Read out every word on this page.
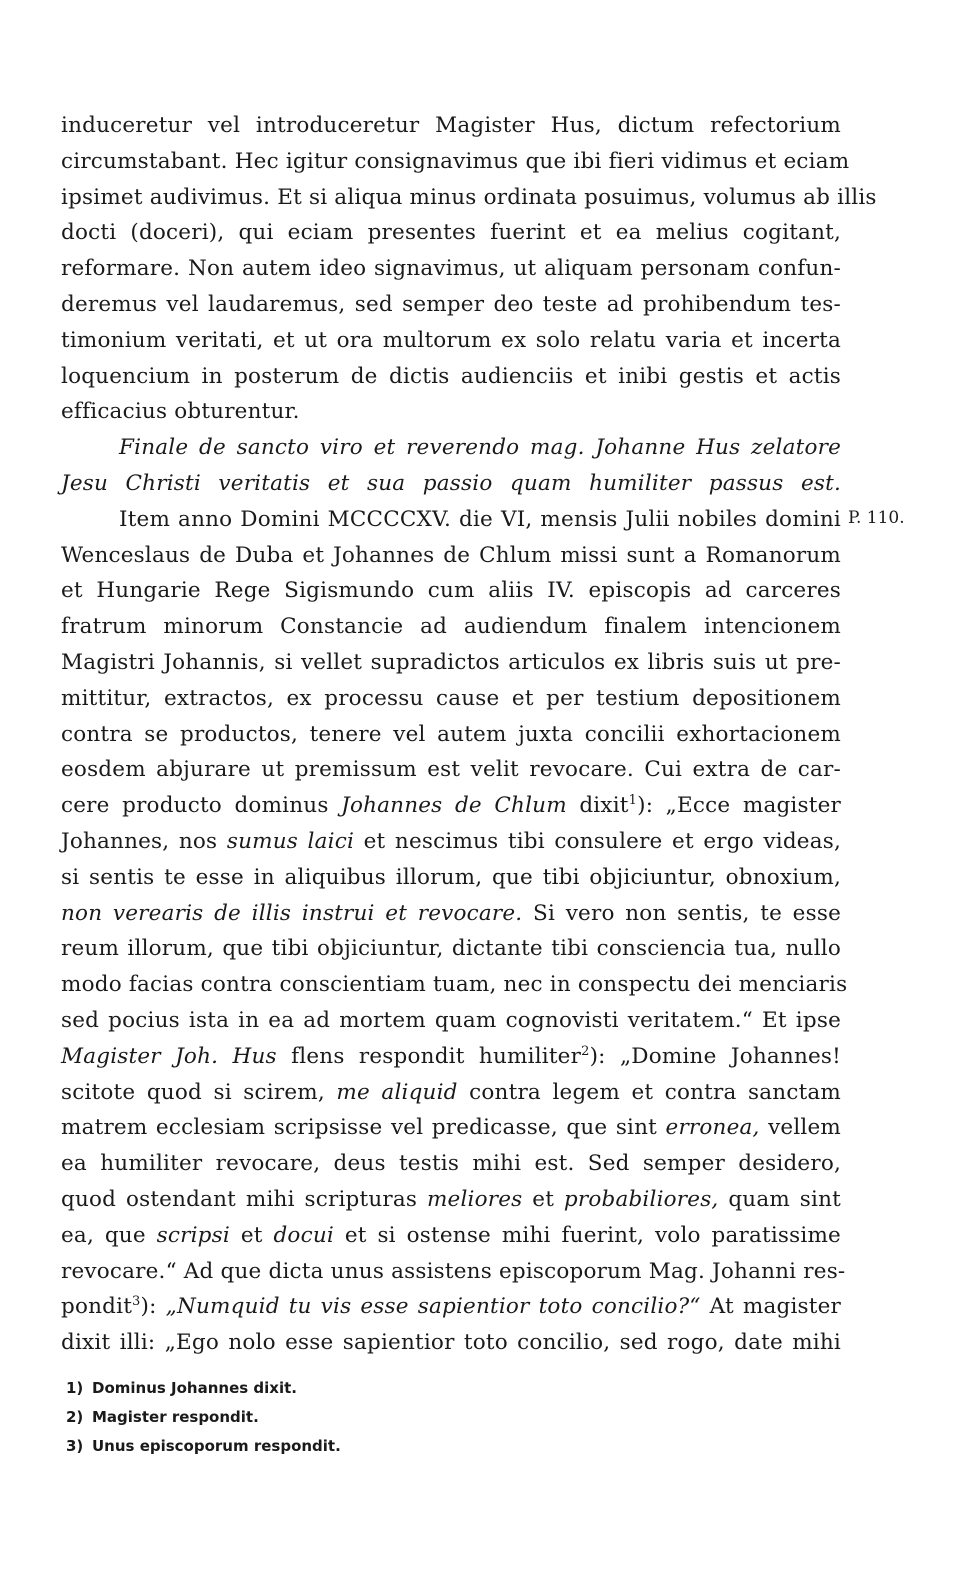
induceretur vel introduceretur Magister Hus, dictum refectorium
circumstabant. Hec igitur consignavimus que ibi fieri vidimus et eciam
ipsimet audivimus. Et si aliqua minus ordinata posuimus, volumus ab illis
docti (doceri), qui eciam presentes fuerint et ea melius cogitant,
reformare. Non autem ideo signavimus, ut aliquam personam confun-
deremus vel laudaremus, sed semper deo teste ad prohibendum tes-
timonium veritati, et ut ora multorum ex solo relatu varia et incerta
loquencium in posterum de dictis audienciis et inibi gestis et actis
efficacius obturentur.
Finale de sancto viro et reverendo mag. Johanne Hus zelatore
Jesu Christi veritatis et sua passio quam humiliter passus est.
Item anno Domini MCCCCXV. die VI, mensis Julii nobiles domini
Wenceslaus de Duba et Johannes de Chlum missi sunt a Romanorum
et Hungarie Rege Sigismundo cum aliis IV. episcopis ad carceres
fratrum minorum Constancie ad audiendum finalem intencionem
Magistri Johannis, si vellet supradictos articulos ex libris suis ut pre-
mittitur, extractos, ex processu cause et per testium depositionem
contra se productos, tenere vel autem juxta concilii exhortacionem
eosdem abjurare ut premissum est velit revocare. Cui extra de car-
cere producto dominus Johannes de Chlum dixit$^1$): „Ecce magister
Johannes, nos sumus laici et nescimus tibi consulere et ergo videas,
si sentis te esse in aliquibus illorum, que tibi objiciuntur, obnoxium,
non verearis de illis instrui et revocare. Si vero non sentis, te esse
reum illorum, que tibi objiciuntur, dictante tibi consciencia tua, nullo
modo facias contra conscientiam tuam, nec in conspectu dei menciaris
sed pocius ista in ea ad mortem quam cognovisti veritatem.“ Et ipse
Magister Joh. Hus flens respondit humiliter$^2$): „Domine Johannes!
scitote quod si scirem, me aliquid contra legem et contra sanctam
matrem ecclesiam scripsisse vel predicasse, que sint erronea, vellem
ea humiliter revocare, deus testis mihi est. Sed semper desidero,
quod ostendant mihi scripturas meliores et probabiliores, quam sint
ea, que scripsi et docui et si ostense mihi fuerint, volo paratissime
revocare.“ Ad que dicta unus assistens episcoporum Mag. Johanni res-
pondit$^3$): „Numquid tu vis esse sapientior toto concilio?“ At magister
dixit illi: „Ego nolo esse sapientior toto concilio, sed rogo, date mihi
P. 110.
1) Dominus Johannes dixit.
2) Magister respondit.
3) Unus episcoporum respondit.
